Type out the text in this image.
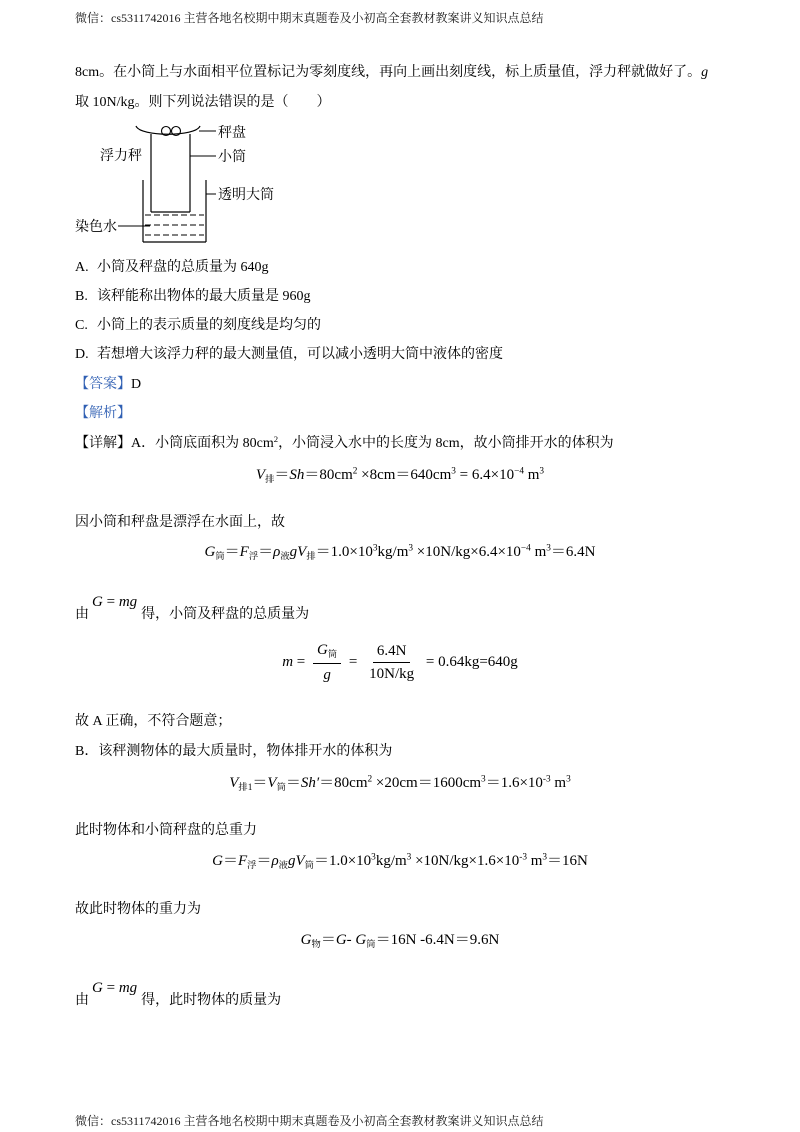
微信：cs5311742016 主营各地名校期中期末真题卷及小初高全套教材教案讲义知识点总结
8cm。在小筒上与水面相平位置标记为零刻度线，再向上画出刻度线，标上质量值，浮力秤就做好了。g
取 10N/kg。则下列说法错误的是（　　）
秤盘
浮力秤	小筒
透明大筒
染色水
A. 小筒及秤盘的总质量为 640g
B. 该秤能称出物体的最大质量是 960g
C. 小筒上的表示质量的刻度线是均匀的
D. 若想增大该浮力秤的最大测量值，可以减小透明大筒中液体的密度
【答案】D
【解析】
【详解】A．小筒底面积为 $80cm^2$，小筒浸入水中的长度为 8cm，故小筒排开水的体积为
V排$=Sh=80cm^2 \times 8cm=640cm^3 = 6.4\times 10^{-4}$ $m^3$
因小筒和秤盘是漂浮在水面上，故
G筒＝F浮＝ρ液gV排$=1.0\times 10^3kg/m^3 \times 10N/kg\times 6.4\times 10^{-4}$ $m^3=6.4N$
由G = mg得，小筒及秤盘的总质量为
$m = \frac{\text{G筒}}{g} = \frac{6.4N}{10N/kg} = 0.64kg=640g$
故 A 正确，不符合题意；
B．该秤测物体的最大质量时，物体排开水的体积为
V排1＝V筒$=Sh'=80cm^2 \times 20cm=1600cm^3=1.6\times 10^{-3}$ $m^3$
此时物体和小筒秤盘的总重力
G＝F浮＝ρ液gV筒$=1.0\times 10^3kg/m^3 \times 10N/kg\times 1.6\times 10^{-3}$ $m^3=16N$
故此时物体的重力为
G物＝G- G筒＝16N -6.4N＝9.6N
由G = mg得，此时物体的质量为
微信：cs5311742016 主营各地名校期中期末真题卷及小初高全套教材教案讲义知识点总结
